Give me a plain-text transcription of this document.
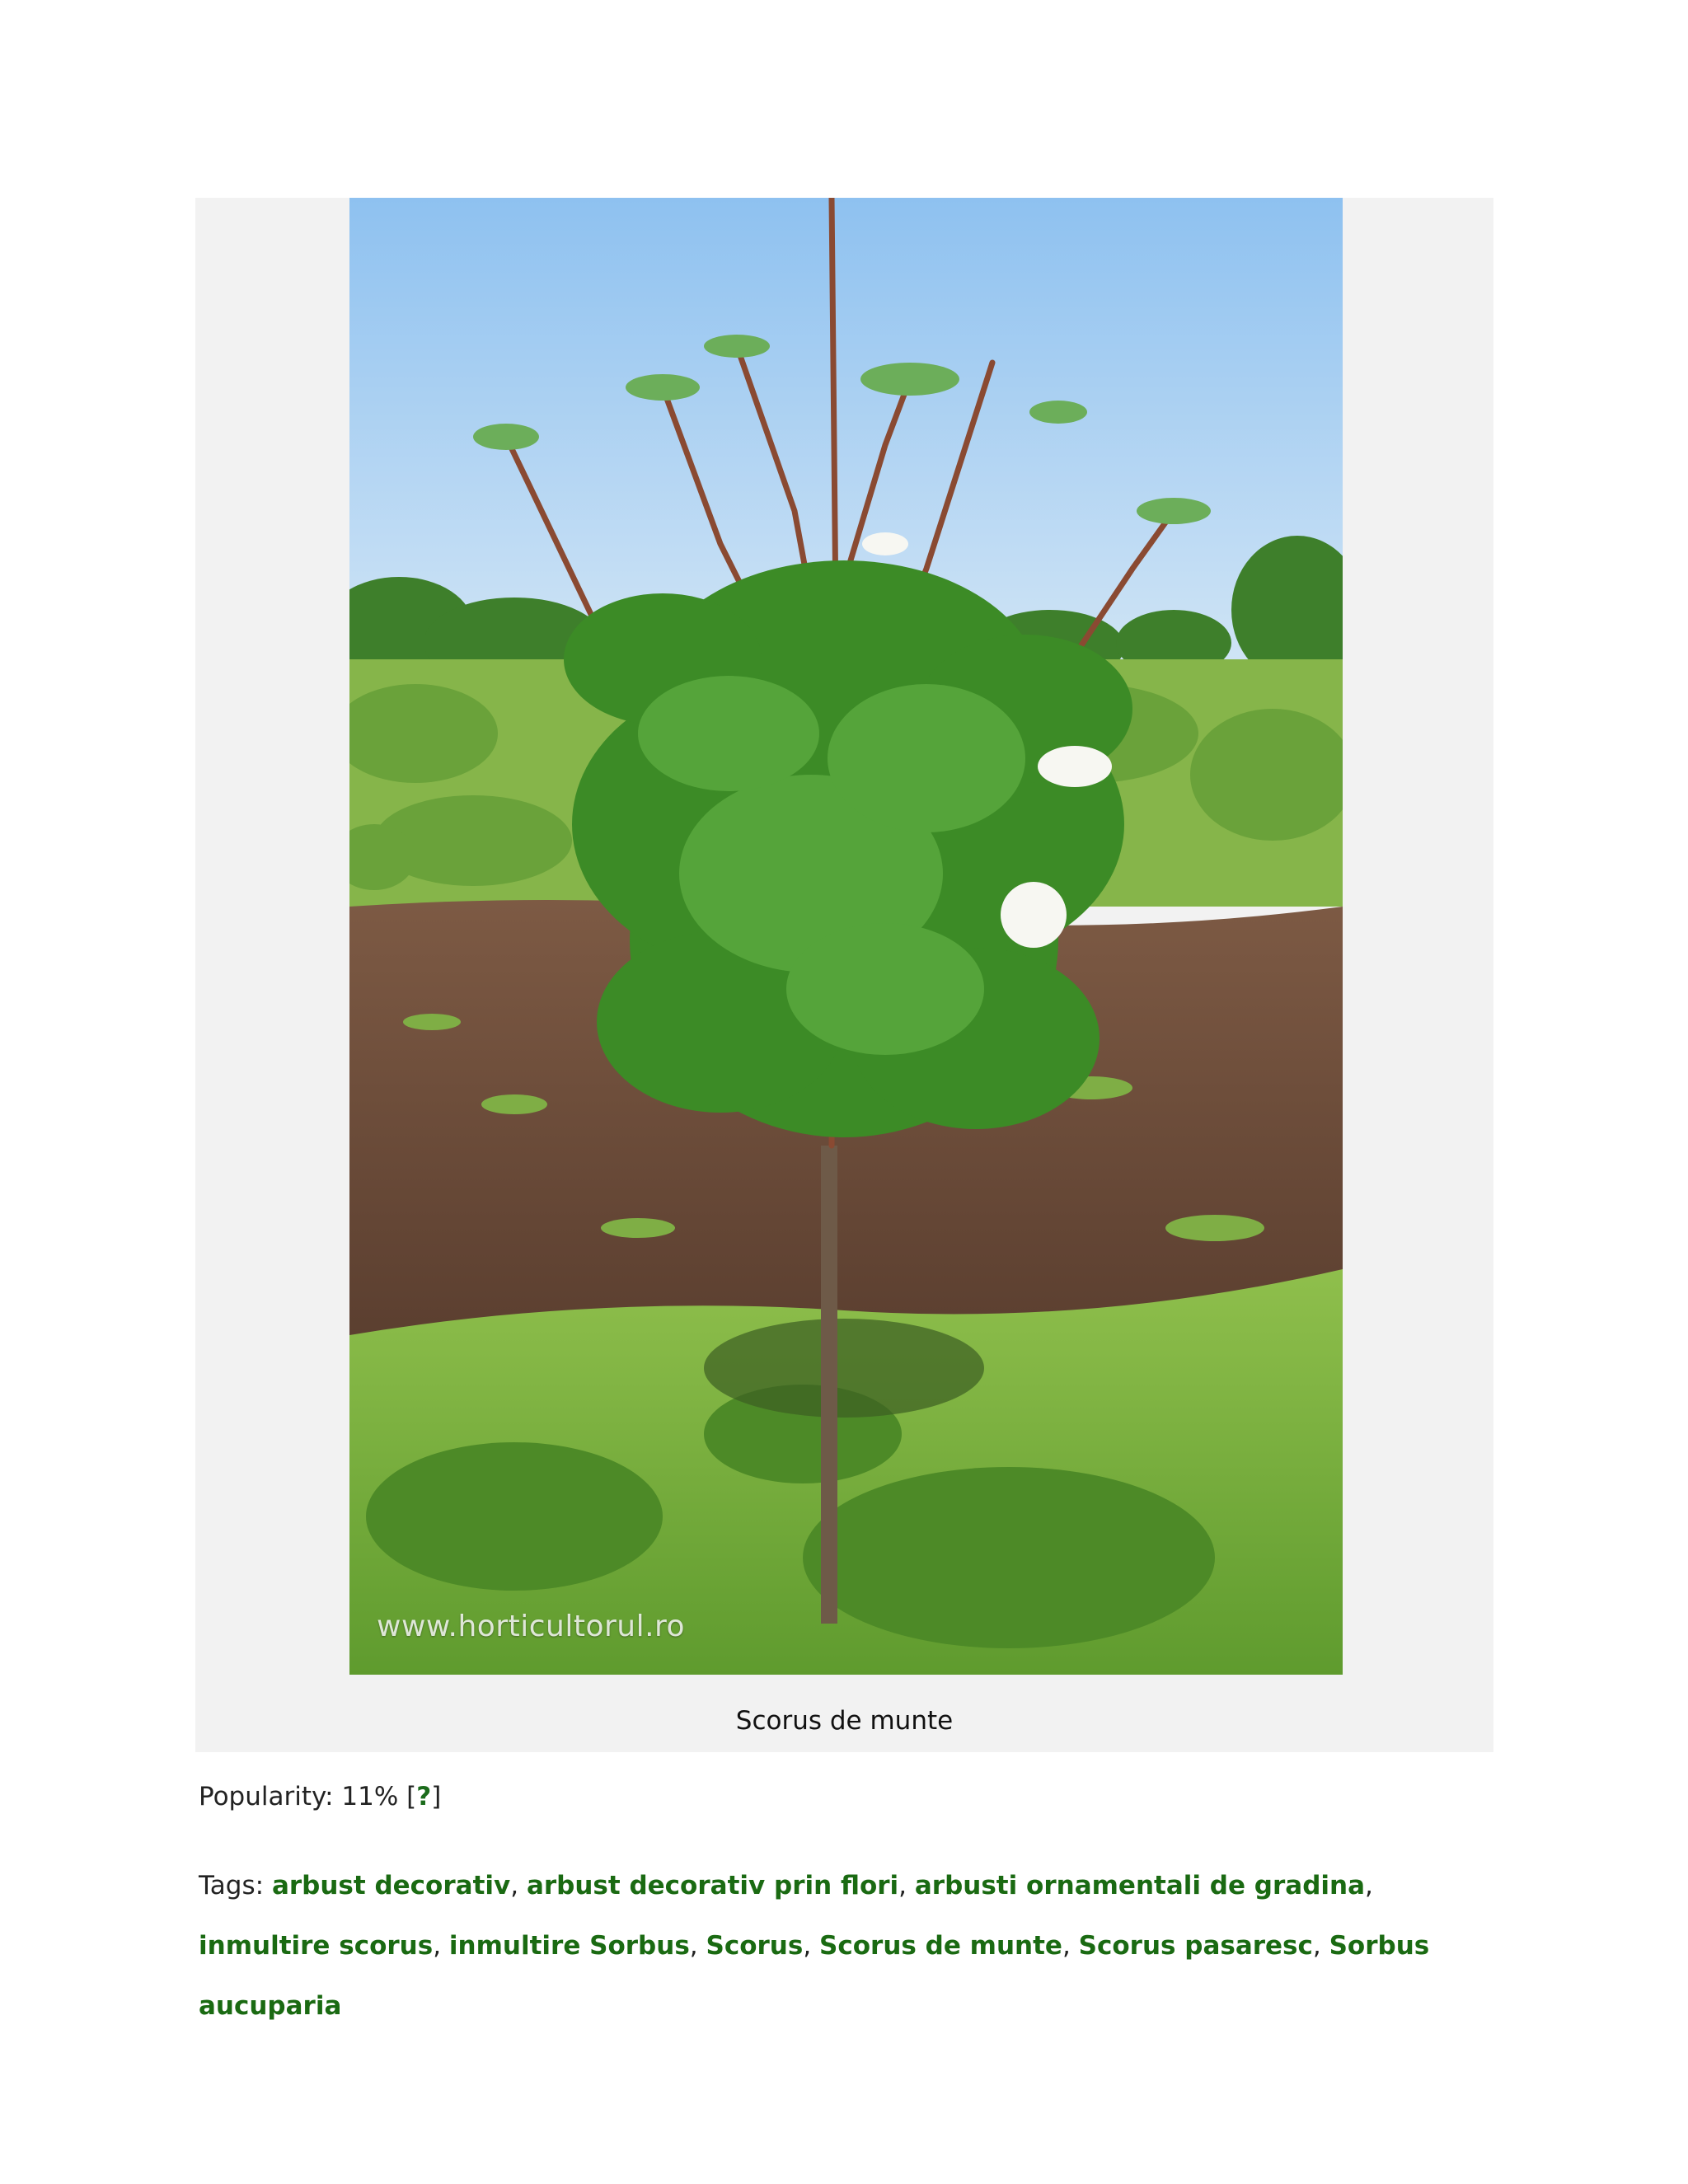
www.horticultorul.ro
Scorus de munte
Popularity: 11% [?]
Tags: arbust decorativ, arbust decorativ prin flori, arbusti ornamentali de gradina, inmultire scorus, inmultire Sorbus, Scorus, Scorus de munte, Scorus pasaresc, Sorbus aucuparia
